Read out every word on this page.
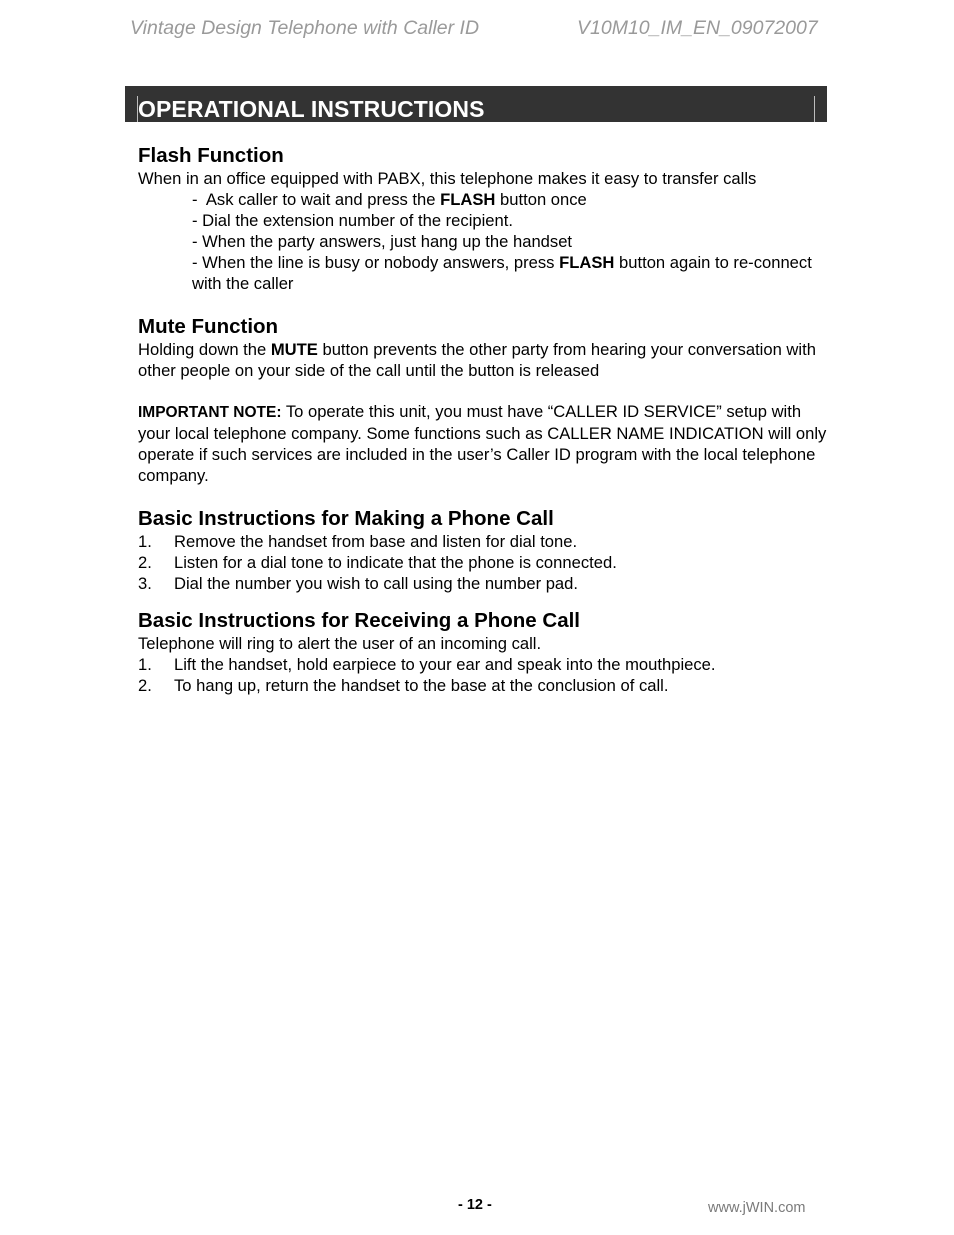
Vintage Design Telephone with Caller ID	V10M10_IM_EN_09072007
OPERATIONAL INSTRUCTIONS
Flash Function

When in an office equipped with PABX, this telephone makes it easy to transfer calls

-  Ask caller to wait and press the FLASH button once

- Dial the extension number of the recipient.

- When the party answers, just hang up the handset

- When the line is busy or nobody answers, press FLASH button again to re-connect with the caller

Mute Function

Holding down the MUTE button prevents the other party from hearing your conversation with other people on your side of the call until the button is released

IMPORTANT NOTE: To operate this unit, you must have “CALLER ID SERVICE” setup with your local telephone company. Some functions such as CALLER NAME INDICATION will only operate if such services are included in the user’s Caller ID program with the local telephone company.

Basic Instructions for Making a Phone Call
1.	Remove the handset from base and listen for dial tone.
2.	Listen for a dial tone to indicate that the phone is connected.
3.	Dial the number you wish to call using the number pad.
Basic Instructions for Receiving a Phone Call

Telephone will ring to alert the user of an incoming call.

1.	Lift the handset, hold earpiece to your ear and speak into the mouthpiece.
2.	To hang up, return the handset to the base at the conclusion of call.
- 12 -	www.jWIN.com
